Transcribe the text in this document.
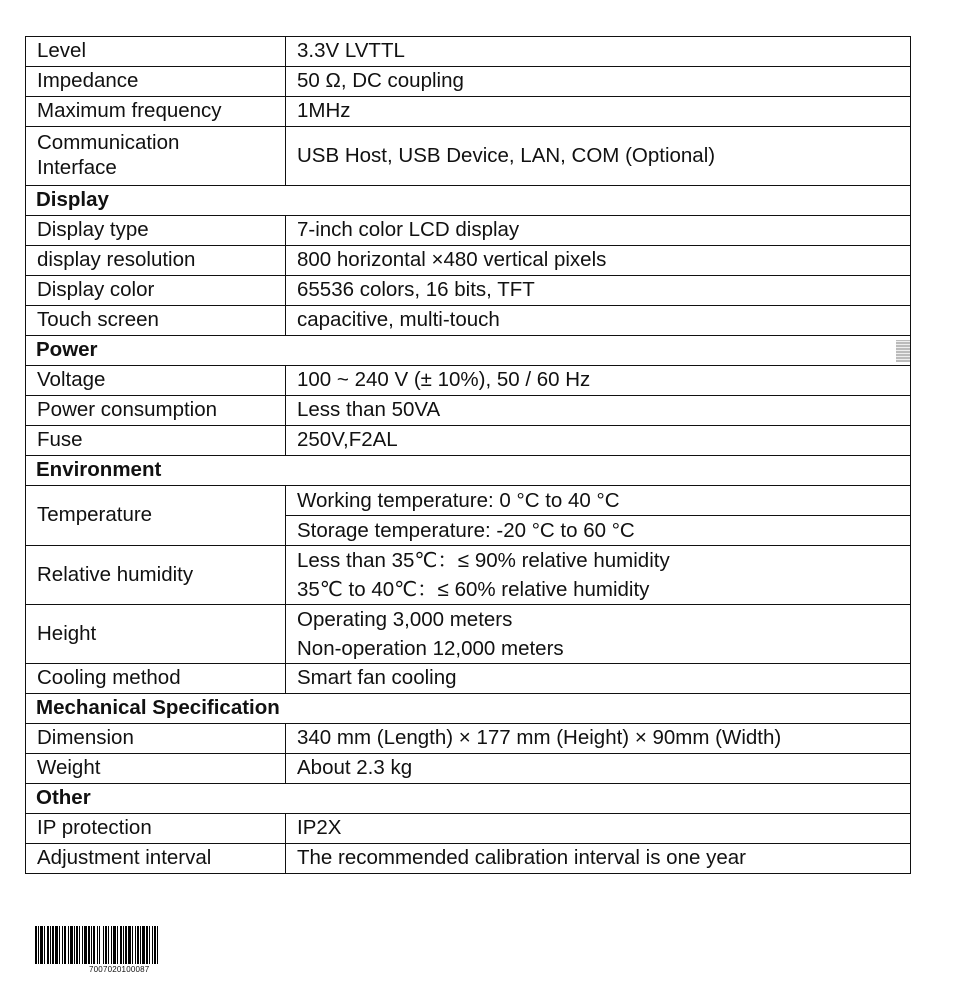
Level	3.3V LVTTL
Impedance	50 Ω, DC coupling
Maximum frequency	1MHz

Communication
Interface	USB Host, USB Device, LAN, COM (Optional)
Display	
Display type	7-inch color LCD display
display resolution	800 horizontal ×480 vertical pixels
Display color	65536 colors, 16 bits, TFT
Touch screen	capacitive, multi-touch
Power	

Voltage	100 ~ 240 V (± 10%), 50 / 60 Hz
Power consumption	Less than 50VA
Fuse	250V,F2AL
Environment	
Temperature	Working temperature: 0 °C to 40 °C
Storage temperature: -20 °C to 60 °C

Relative humidity	Less than 35℃：≤ 90% relative humidity
35℃ to 40℃：≤ 60% relative humidity

Height	Operating 3,000 meters
Non-operation 12,000 meters

Cooling method	Smart fan cooling
Mechanical Specification	
Dimension	340 mm (Length) × 177 mm (Height) × 90mm (Width)
Weight	About 2.3 kg
Other	
IP protection	IP2X
Adjustment interval	The recommended calibration interval is one year
7007020100087
